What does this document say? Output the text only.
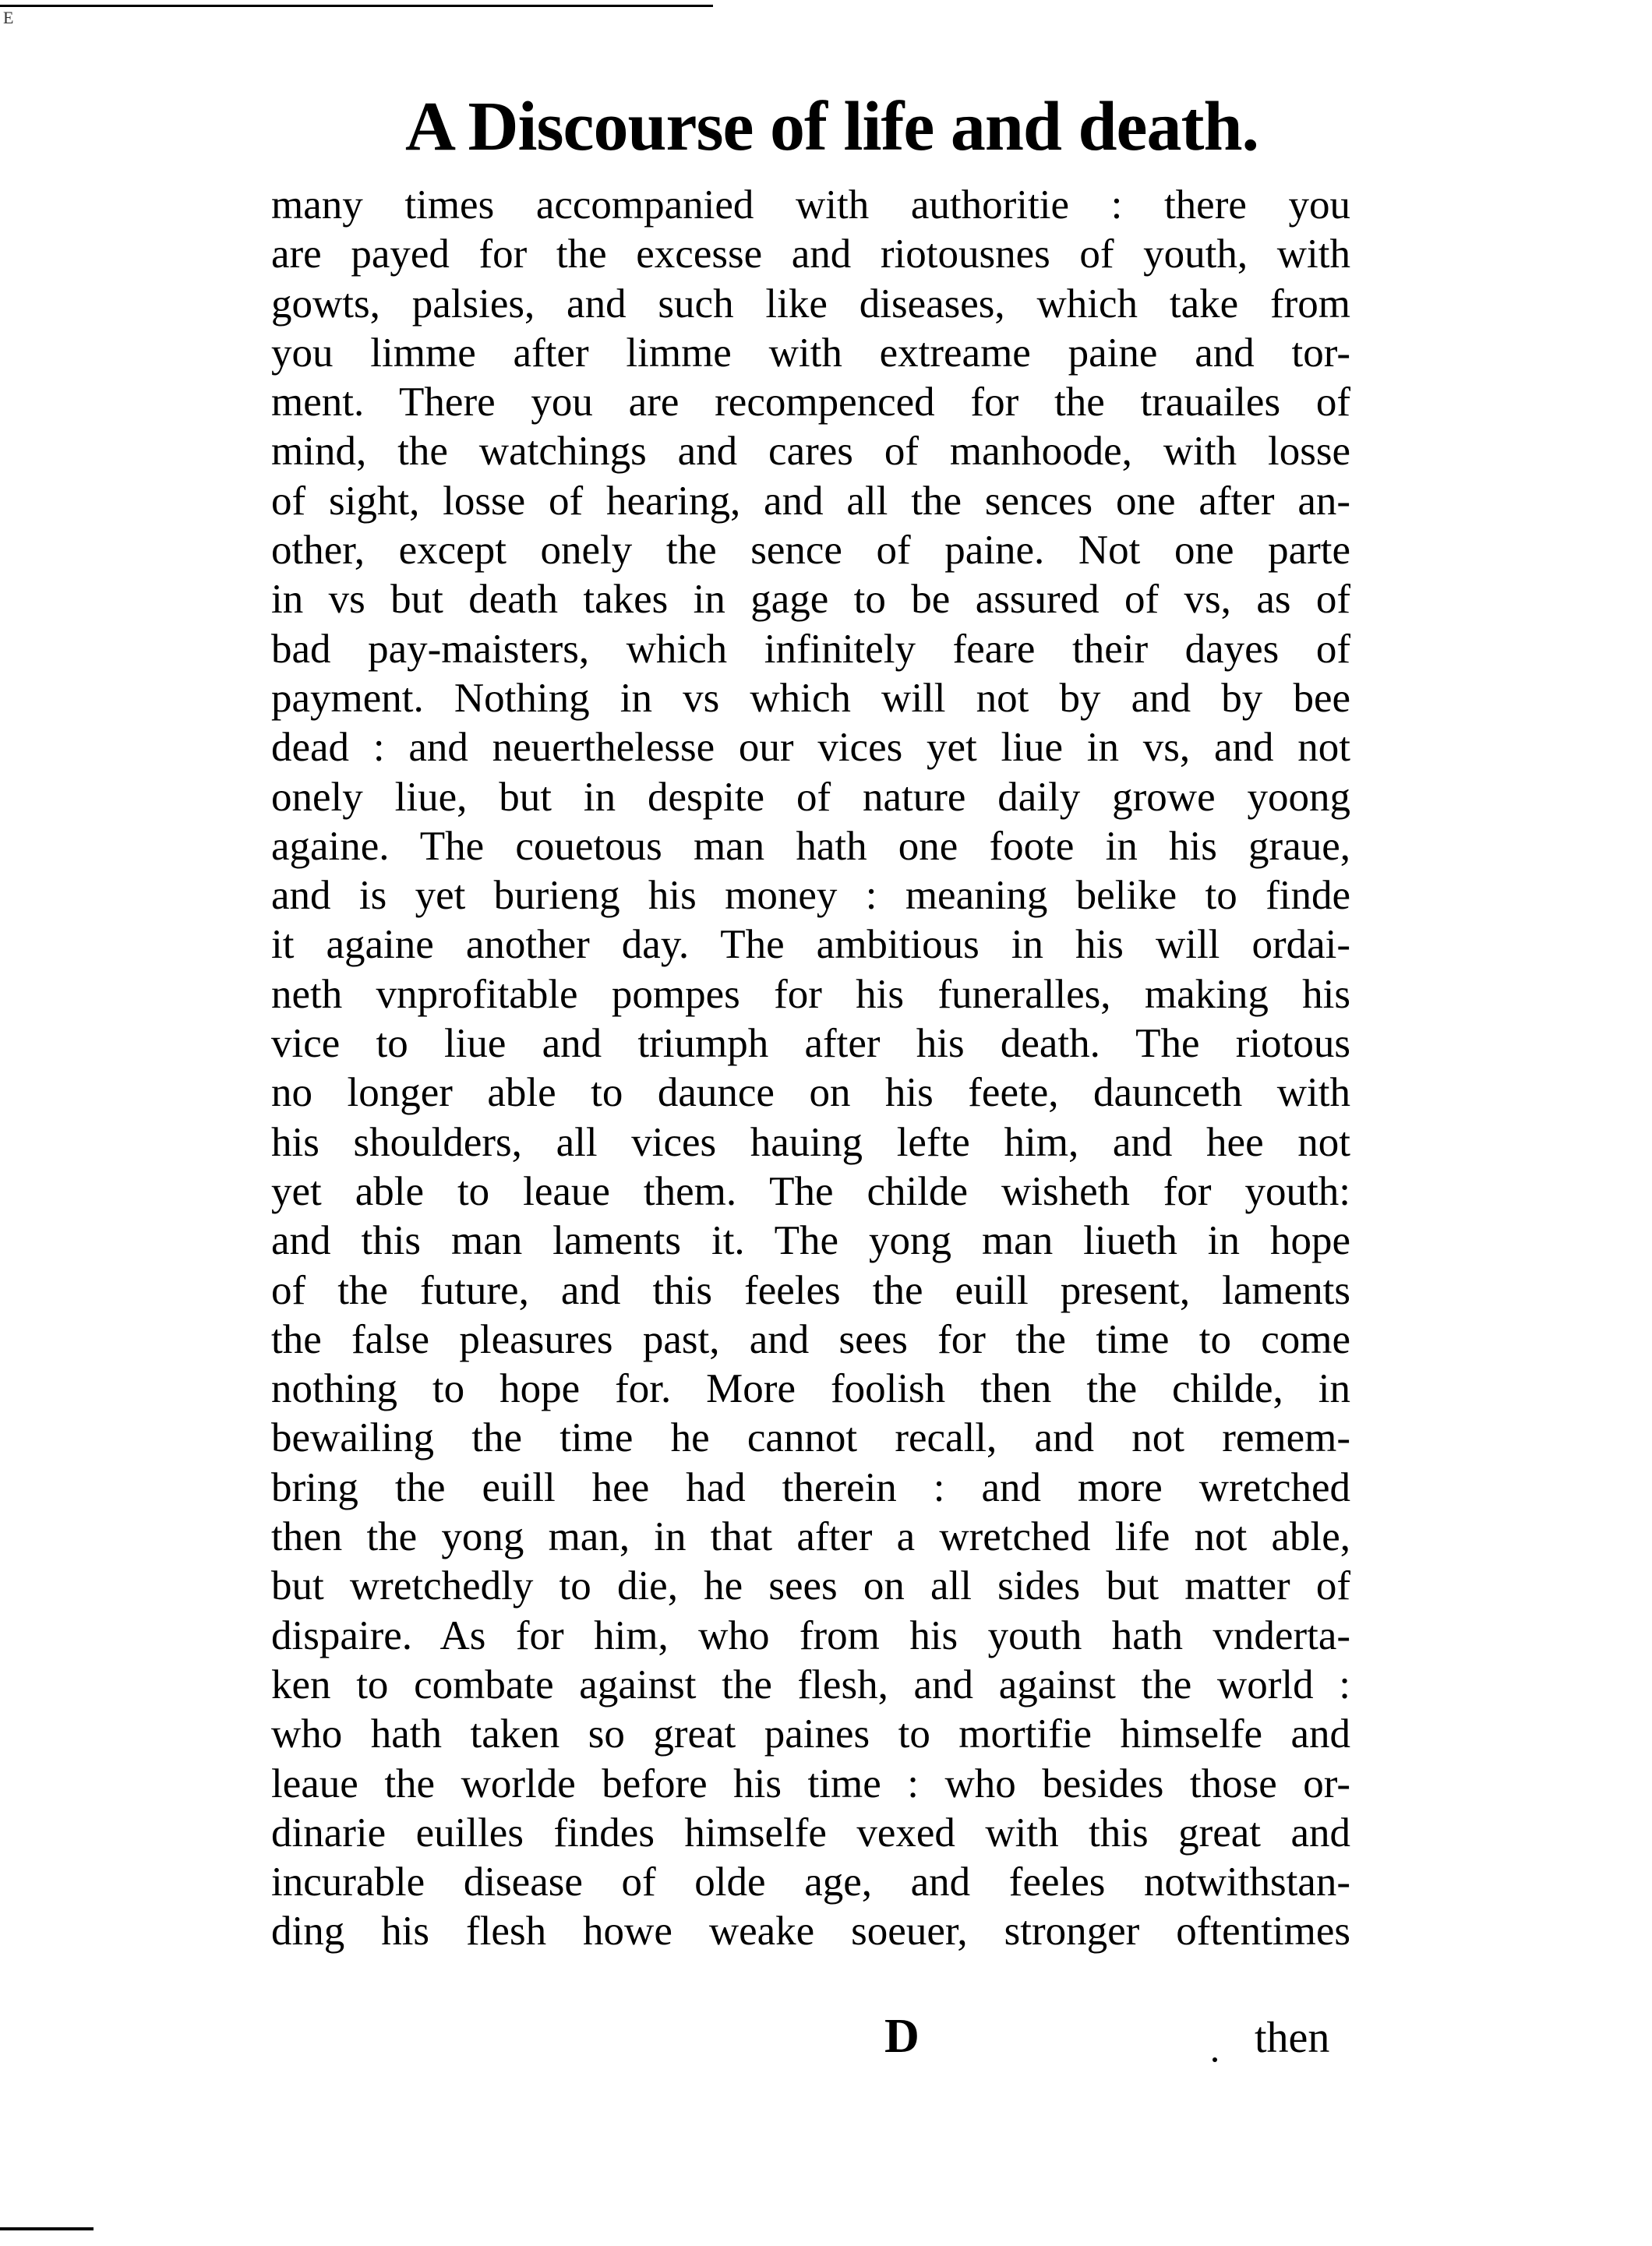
E
A Discourse of life and death.
many times accompanied with authoritie : there you
are payed for the excesse and riotousnes of youth, with
gowts, palsies, and such like diseases, which take from
you limme after limme with extreame paine and tor-
ment. There you are recompenced for the trauailes of
mind, the watchings and cares of manhoode, with losse
of sight, losse of hearing, and all the sences one after an-
other, except onely the sence of paine. Not one parte
in vs but death takes in gage to be assured of vs, as of
bad pay-maisters, which infinitely feare their dayes of
payment. Nothing in vs which will not by and by bee
dead : and neuerthelesse our vices yet liue in vs, and not
onely liue, but in despite of nature daily growe yoong
againe. The couetous man hath one foote in his graue,
and is yet burieng his money : meaning belike to finde
it againe another day. The ambitious in his will ordai-
neth vnprofitable pompes for his funeralles, making his
vice to liue and triumph after his death. The riotous
no longer able to daunce on his feete, daunceth with
his shoulders, all vices hauing lefte him, and hee not
yet able to leaue them. The childe wisheth for youth:
and this man laments it. The yong man liueth in hope
of the future, and this feeles the euill present, laments
the false pleasures past, and sees for the time to come
nothing to hope for. More foolish then the childe, in
bewailing the time he cannot recall, and not remem-
bring the euill hee had therein : and more wretched
then the yong man, in that after a wretched life not able,
but wretchedly to die, he sees on all sides but matter of
dispaire. As for him, who from his youth hath vnderta-
ken to combate against the flesh, and against the world :
who hath taken so great paines to mortifie himselfe and
leaue the worlde before his time : who besides those or-
dinarie euilles findes himselfe vexed with this great and
incurable disease of olde age, and feeles notwithstan-
ding his flesh howe weake soeuer, stronger oftentimes
D	then
